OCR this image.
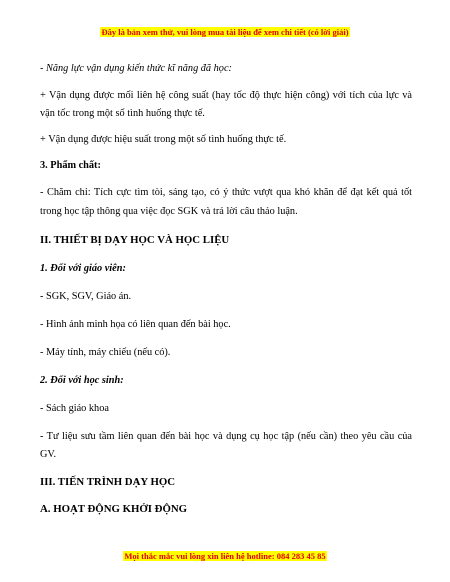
Đây là bản xem thử, vui lòng mua tài liệu để xem chi tiết (có lời giải)
- Năng lực vận dụng kiến thức kĩ năng đã học:
+ Vận dụng được mối liên hệ công suất (hay tốc độ thực hiện công) với tích của lực và
vận tốc trong một số tình huống thực tế.
+ Vận dụng được hiệu suất trong một số tình huống thực tế.
3. Phẩm chất:
- Chăm chỉ: Tích cực tìm tòi, sáng tạo, có ý thức vượt qua khó khăn để đạt kết quả tốt
trong học tập thông qua việc đọc SGK và trả lời câu thảo luận.
II. THIẾT BỊ DẠY HỌC VÀ HỌC LIỆU
1. Đối với giáo viên:
- SGK, SGV, Giáo án.
- Hình ảnh minh họa có liên quan đến bài học.
- Máy tính, máy chiếu (nếu có).
2. Đối với học sinh:
- Sách giáo khoa
- Tư liệu sưu tầm liên quan đến bài học và dụng cụ học tập (nếu cần) theo yêu cầu của
GV.
III. TIẾN TRÌNH DẠY HỌC
A. HOẠT ĐỘNG KHỞI ĐỘNG
Mọi thắc mắc vui lòng xin liên hệ hotline: 084 283 45 85
